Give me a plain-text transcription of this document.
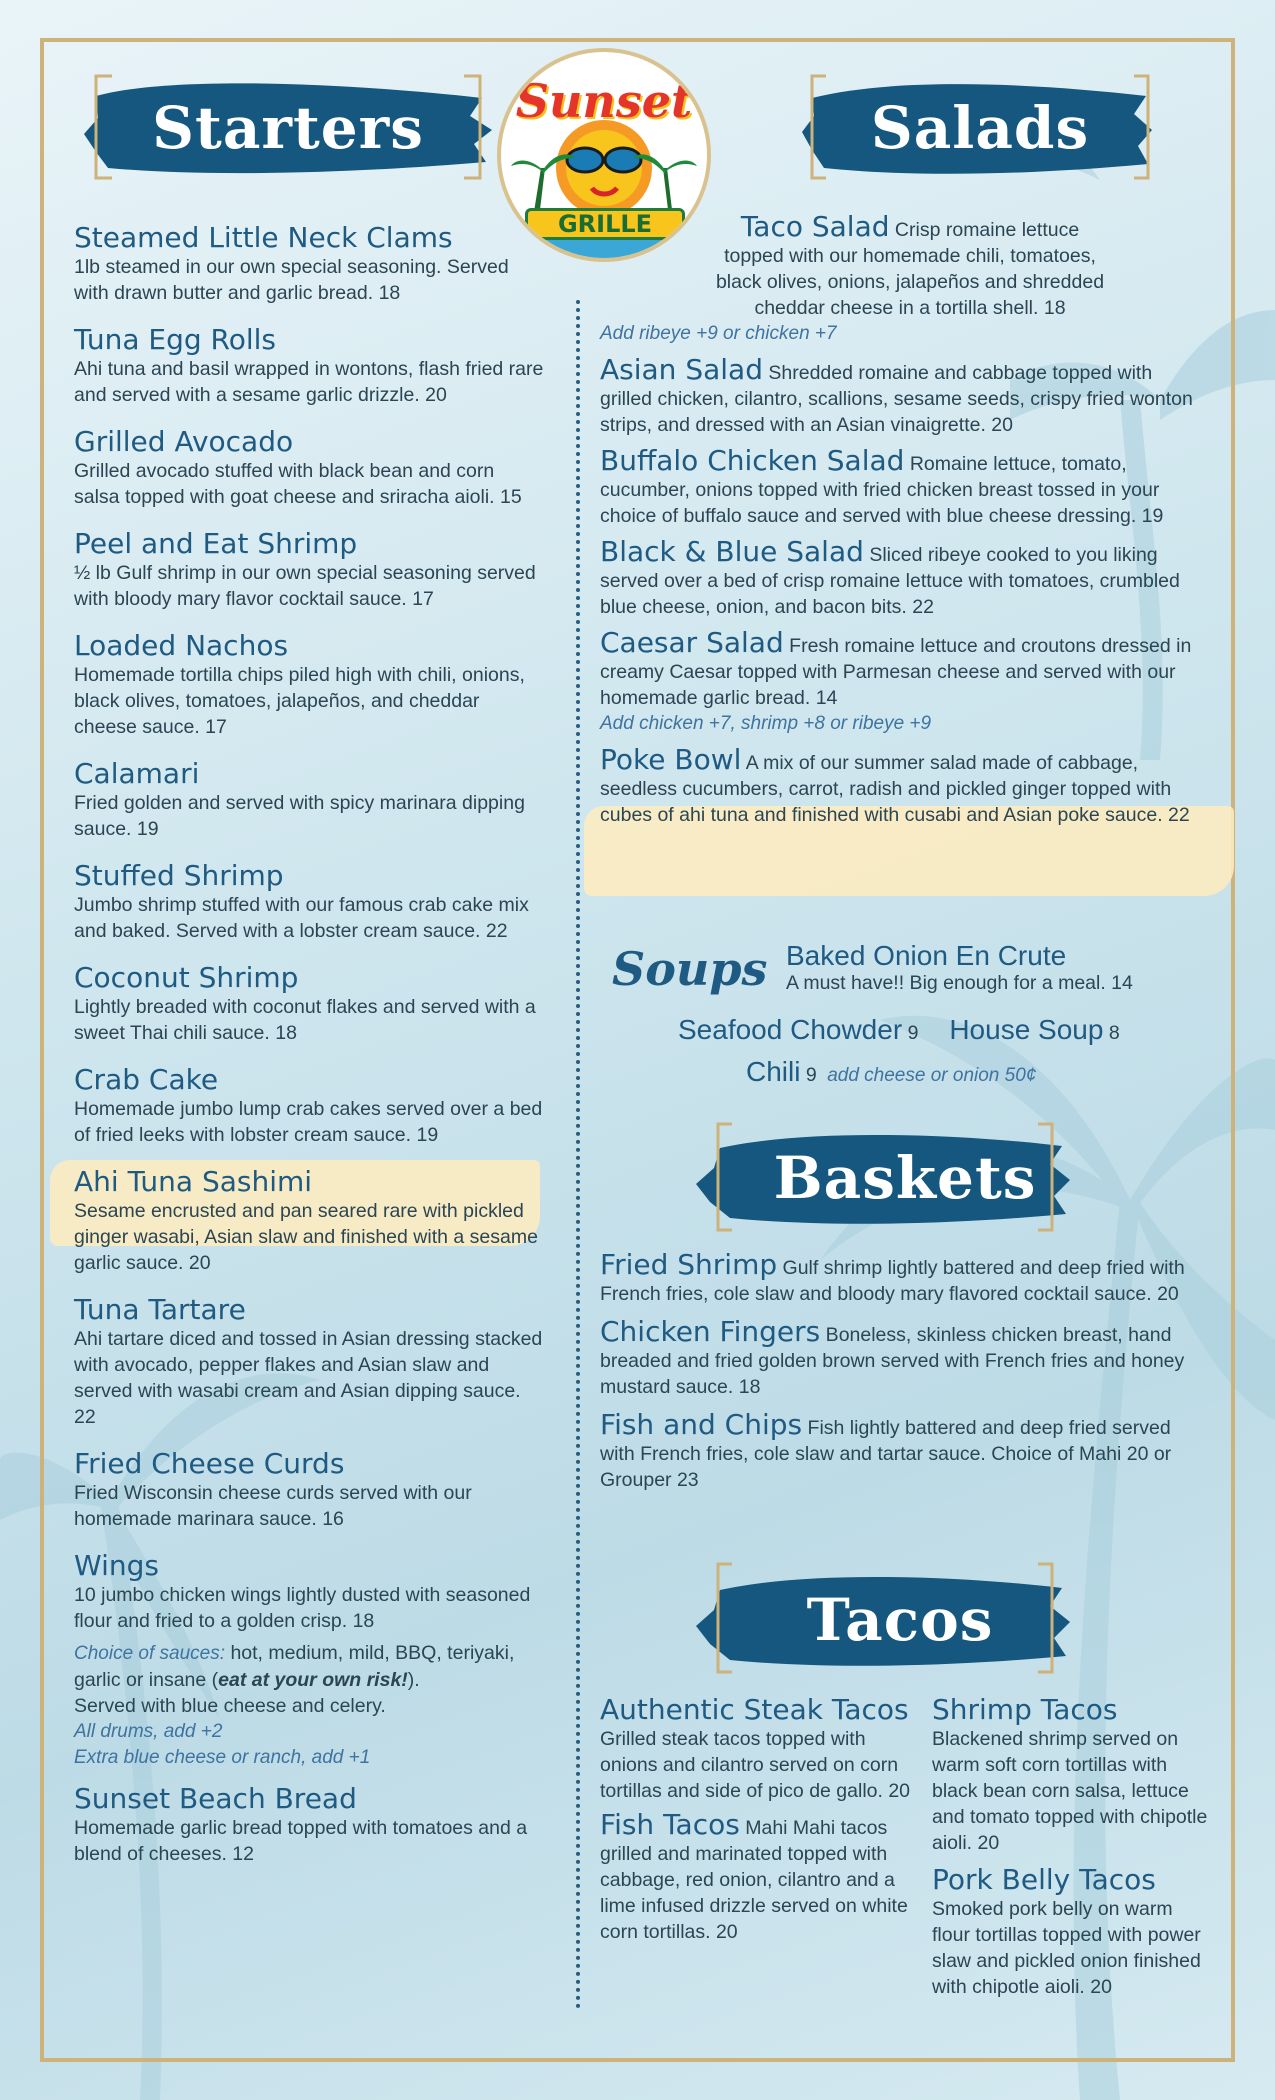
Sunset
GRILLE
Starters	Salads
Baskets
Tacos
Steamed Little Neck Clams
1lb steamed in our own special seasoning. Served with drawn butter and garlic bread. 18
Tuna Egg Rolls
Ahi tuna and basil wrapped in wontons, flash fried rare and served with a sesame garlic drizzle. 20
Grilled Avocado
Grilled avocado stuffed with black bean and corn salsa topped with goat cheese and sriracha aioli. 15
Peel and Eat Shrimp
½ lb Gulf shrimp in our own special seasoning served with bloody mary flavor cocktail sauce. 17
Loaded Nachos
Homemade tortilla chips piled high with chili, onions, black olives, tomatoes, jalapeños, and cheddar cheese sauce. 17
Calamari
Fried golden and served with spicy marinara dipping sauce. 19
Stuffed Shrimp
Jumbo shrimp stuffed with our famous crab cake mix and baked. Served with a lobster cream sauce. 22
Coconut Shrimp
Lightly breaded with coconut flakes and served with a sweet Thai chili sauce. 18
Crab Cake
Homemade jumbo lump crab cakes served over a bed of fried leeks with lobster cream sauce. 19
Ahi Tuna Sashimi
Sesame encrusted and pan seared rare with pickled ginger wasabi, Asian slaw and finished with a sesame garlic sauce. 20
Tuna Tartare
Ahi tartare diced and tossed in Asian dressing stacked with avocado, pepper flakes and Asian slaw and served with wasabi cream and Asian dipping sauce. 22
Fried Cheese Curds
Fried Wisconsin cheese curds served with our homemade marinara sauce. 16
Wings
10 jumbo chicken wings lightly dusted with seasoned flour and fried to a golden crisp. 18
Choice of sauces: hot, medium, mild, BBQ, teriyaki, garlic or insane (eat at your own risk!).
Served with blue cheese and celery.
All drums, add +2
Extra blue cheese or ranch, add +1
Sunset Beach Bread
Homemade garlic bread topped with tomatoes and a blend of cheeses. 12
Taco Salad Crisp romaine lettuce topped with our homemade chili, tomatoes, black olives, onions, jalapeños and shredded cheddar cheese in a tortilla shell. 18
Add ribeye +9 or chicken +7
Asian Salad Shredded romaine and cabbage topped with grilled chicken, cilantro, scallions, sesame seeds, crispy fried wonton strips, and dressed with an Asian vinaigrette. 20
Buffalo Chicken Salad Romaine lettuce, tomato, cucumber, onions topped with fried chicken breast tossed in your choice of buffalo sauce and served with blue cheese dressing. 19
Black & Blue Salad Sliced ribeye cooked to you liking served over a bed of crisp romaine lettuce with tomatoes, crumbled blue cheese, onion, and bacon bits. 22
Caesar Salad Fresh romaine lettuce and croutons dressed in creamy Caesar topped with Parmesan cheese and served with our homemade garlic bread. 14
Add chicken +7, shrimp +8 or ribeye +9
Poke Bowl A mix of our summer salad made of cabbage, seedless cucumbers, carrot, radish and pickled ginger topped with cubes of ahi tuna and finished with cusabi and Asian poke sauce. 22
Soups Baked Onion En Crute
A must have!! Big enough for a meal. 14
Seafood Chowder 9 House Soup 8
Chili 9 add cheese or onion 50¢
Fried Shrimp Gulf shrimp lightly battered and deep fried with French fries, cole slaw and bloody mary flavored cocktail sauce. 20
Chicken Fingers Boneless, skinless chicken breast, hand breaded and fried golden brown served with French fries and honey mustard sauce. 18
Fish and Chips Fish lightly battered and deep fried served with French fries, cole slaw and tartar sauce. Choice of Mahi 20 or Grouper 23
Authentic Steak Tacos
Grilled steak tacos topped with onions and cilantro served on corn tortillas and side of pico de gallo. 20
Fish Tacos Mahi Mahi tacos grilled and marinated topped with cabbage, red onion, cilantro and a lime infused drizzle served on white corn tortillas. 20
Shrimp Tacos
Blackened shrimp served on warm soft corn tortillas with black bean corn salsa, lettuce and tomato topped with chipotle aioli. 20
Pork Belly Tacos
Smoked pork belly on warm flour tortillas topped with power slaw and pickled onion finished with chipotle aioli. 20
